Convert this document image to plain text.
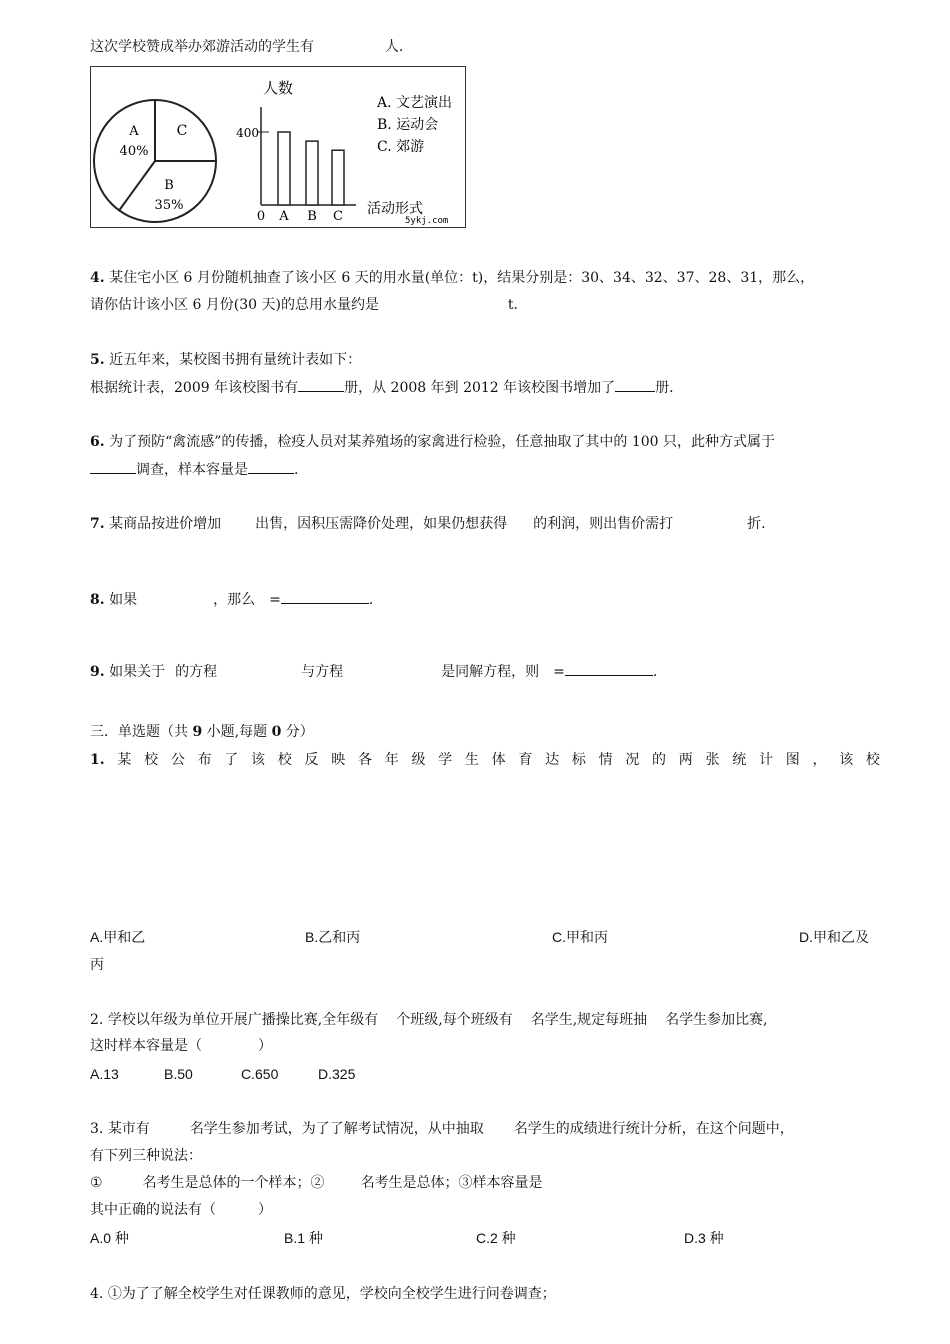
这次学校赞成举办郊游活动的学生有	人.
A
40%
B
35%
C
人数
400
0 A B C 活动形式
A. 文艺演出
B. 运动会
C. 郊游
5ykj.com
4. 某住宅小区 6 月份随机抽查了该小区 6 天的用水量(单位：t)，结果分别是：30、34、32、37、28、31，那么，
请你估计该小区 6 月份(30 天)的总用水量约是	t.
5. 近五年来，某校图书拥有量统计表如下：
根据统计表，2009 年该校图书有	册，从 2008 年到 2012 年该校图书增加了	册.
6. 为了预防“禽流感”的传播，检疫人员对某养殖场的家禽进行检验，任意抽取了其中的 100 只，此种方式属于
调查，样本容量是	.
7. 某商品按进价增加 出售，因积压需降价处理，如果仍想获得 的利润，则出售价需打	折.
8. 如果	，那么 =	.
9. 如果关于 的方程	与方程	是同解方程，则 =	.
三．单选题（共 9 小题,每题 0 分）
1. 某 校 公 布 了 该 校 反 映 各 年 级 学 生 体 育 达 标 情 况 的 两 张 统 计 图 ， 该 校
A.甲和乙	B.乙和丙	C.甲和丙	D.甲和乙及
丙
2. 学校以年级为单位开展广播操比赛,全年级有 个班级,每个班级有 名学生,规定每班抽 名学生参加比赛,
这时样本容量是（　　　　）
A.13	B.50	C.650	D.325
3. 某市有	名学生参加考试，为了了解考试情况，从中抽取 名学生的成绩进行统计分析，在这个问题中，
有下列三种说法：
①	名考生是总体的一个样本；②	名考生是总体；③样本容量是
其中正确的说法有（　　　）
A.0 种	B.1 种	C.2 种	D.3 种
4. ①为了了解全校学生对任课教师的意见，学校向全校学生进行问卷调查；
